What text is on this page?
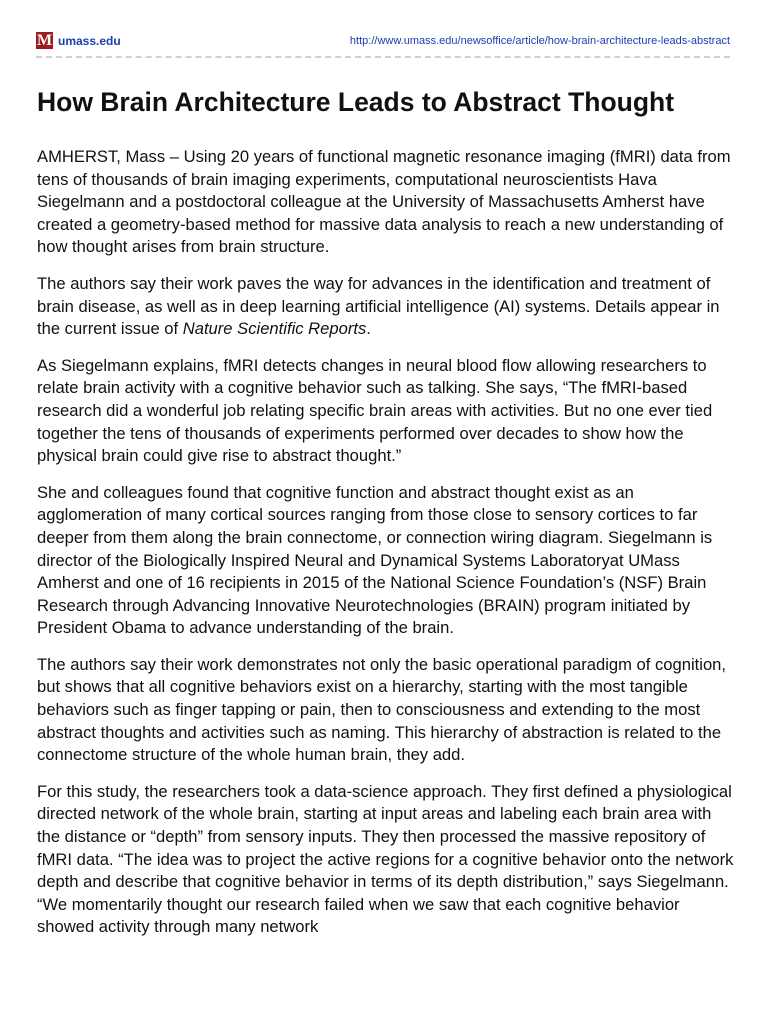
M umass.edu	http://www.umass.edu/newsoffice/article/how-brain-architecture-leads-abstract
How Brain Architecture Leads to Abstract Thought

AMHERST, Mass – Using 20 years of functional magnetic resonance imaging (fMRI) data from tens of thousands of brain imaging experiments, computational neuroscientists Hava Siegelmann and a postdoctoral colleague at the University of Massachusetts Amherst have created a geometry-based method for massive data analysis to reach a new understanding of how thought arises from brain structure.

The authors say their work paves the way for advances in the identification and treatment of brain disease, as well as in deep learning artificial intelligence (AI) systems. Details appear in the current issue of Nature Scientific Reports.

As Siegelmann explains, fMRI detects changes in neural blood flow allowing researchers to relate brain activity with a cognitive behavior such as talking. She says, “The fMRI-based research did a wonderful job relating specific brain areas with activities. But no one ever tied together the tens of thousands of experiments performed over decades to show how the physical brain could give rise to abstract thought.”

She and colleagues found that cognitive function and abstract thought exist as an agglomeration of many cortical sources ranging from those close to sensory cortices to far deeper from them along the brain connectome, or connection wiring diagram. Siegelmann is director of the Biologically Inspired Neural and Dynamical Systems Laboratoryat UMass Amherst and one of 16 recipients in 2015 of the National Science Foundation’s (NSF) Brain Research through Advancing Innovative Neurotechnologies (BRAIN) program initiated by President Obama to advance understanding of the brain.

The authors say their work demonstrates not only the basic operational paradigm of cognition, but shows that all cognitive behaviors exist on a hierarchy, starting with the most tangible behaviors such as finger tapping or pain, then to consciousness and extending to the most abstract thoughts and activities such as naming. This hierarchy of abstraction is related to the connectome structure of the whole human brain, they add.

For this study, the researchers took a data-science approach. They first defined a physiological directed network of the whole brain, starting at input areas and labeling each brain area with the distance or “depth” from sensory inputs. They then processed the massive repository of fMRI data. “The idea was to project the active regions for a cognitive behavior onto the network depth and describe that cognitive behavior in terms of its depth distribution,” says Siegelmann. “We momentarily thought our research failed when we saw that each cognitive behavior showed activity through many network
